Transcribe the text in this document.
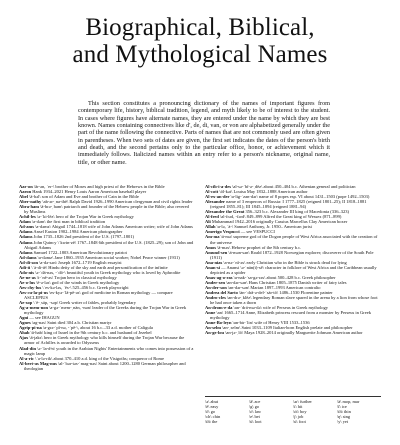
Biographical, Biblical,
and Mythological Names

This section constitutes a pronouncing dictionary of the names of important figures from contemporary life, history, biblical tradition, legend, and myth likely to be of interest to the student. In cases where figures have alternate names, they are entered under the name by which they are best known. Names containing connectives like d', de, di, van, or von are alphabetized generally under the part of the name following the connective. Parts of names that are not commonly used are often given in parentheses. When two sets of dates are given, the first set indicates the dates of the person's birth and death, and the second pertains only to the particular office, honor, or achievement which it immediately follows. Italicized names within an entry refer to a person's nickname, original name, title, or other name.

Aar·on \âr-ən, ˈer-\ brother of Moses and high priest of the Hebrews in the Bible

Aaron Hank 1934–2021 Henry Louis Aaron American baseball player

Abel \ā-bəl\ son of Adam and Eve and brother of Cain in the Bible

Aber·nathy \ab-ər-ˌna-thē\ Ralph David 1926–1990 American clergyman and civil rights leader

Abra·ham \ā-brə-ˌham\ patriarch and founder of the Hebrew people in the Bible; also revered by Muslims

Achil·les \ə-ˈki-lēz\ hero of the Trojan War in Greek mythology

Adam \a-dəm\ the first man in biblical tradition

Ad·ams \a-dəmz\ Abigail 1744–1818 wife of John Adams American writer; wife of John Adams

Adams Ansel Easton 1902–1984 American photographer

Adams John 1735–1826 2nd president of the U.S. (1797–1801)

Adams John Quincy \ˈkwin-zē\ 1767–1848 6th president of the U.S. (1825–29); son of John and Abigail Adams

Adams Samuel 1722–1803 American Revolutionary patriot

Ad·dams \a-dəmz\ Jane 1860–1935 American social worker; Nobel Peace winner (1931)

Ad·di·son \a-də-sən\ Joseph 1672–1719 English essayist

Adi·ti \ˈä-di-tē\ Hindu deity of the sky and earth and personification of the infinite

Ado·nis \ə-ˈdä-nəs, -ˈdō-\ beautiful youth in Greek mythology who is loved by Aphrodite

Ae·ne·as \i-ˈnē-əs\ Trojan hero in classical mythology

Ae·o·lus \ē-ə-ləs\ god of the winds in Greek mythology

Aes·chy·lus \ˈes-kə-ləs, ˈēs-\ 525–456 b.c. Greek playwright

Aes·cu·la·pi·us \es-kyə-ˈlā-pē-əs\ god of medicine in Roman mythology — compare ASCLEPIUS

Ae·sop \ˈē-ˌsäp, -səp\ Greek writer of fables, probably legendary

Ag·a·mem·non \a-gə-ˈmem-ˌnän, -nən\ leader of the Greeks during the Trojan War in Greek mythology

Agni — see IHAGUN

Agnes \ag-nəs\ Saint died 304 a.b. Christian martyr

Agrip·pi·na \a-grə-ˈpī-nə, -ˈpē-\, about 16 b.c.–33 a.d. mother of Caligula

Ahab \ā-hab\ king of Israel in the 9th century b.c. and husband of Jezebel

Ajax \ā-jaks\ hero in Greek mythology who kills himself during the Trojan War because the armor of Achilles is awarded to Odysseus

Alad·din \ə-ˈla-dᵊn\ youth in the Arabian Nights' Entertainments who comes into possession of a magic lamp

Al·a·ric \ˈa-lə-rik\ about 370–410 a.d. king of the Visigoths; conqueror of Rome

Al·bert·us Mag·nus \al-ˈbər-təs-ˈmag-nəs\ Saint about 1200–1280 German philosopher and theologian

Al·cib·i·a·des \al-sə-ˈbī-ə-ˌdēz\ about 450–404 b.c. Athenian general and politician

Al·cott \ōl-kət\ Louisa May 1832–1888 American author

Al·ex·an·der \a-lig-ˈzan-dər\ name of 8 popes esp. VI about 1431–1503 (pope 1492–1503)

Alexander name of 3 emperors of Russia: I 1777–1825 (reigned 1801–25); II 1818–1881 (reigned 1855–81); III 1845–1894 (reigned 1881–94)

Alexander the Great 356–323 b.c. Alexander III king of Macedonia (336–323)

Al·fred \al-frəd, -fərd\ 849–899 Alfred the Great king of Wessex (871–899)

Ali Muhammad 1942–2016 originally Cassius Marcellus Clay American boxer

Allah \a-lə, ˈä-\ Samuel Anthony, Jr. 1950– American jurist

Amerigo Vespucci — see VESPUCCI

Am·ma \ä-mə\ supreme god of the Dogon people of West Africa associated with the creation of the universe

Amos \ā-məs\ Hebrew prophet of the 8th century b.c.

Amund·sen \ä-mən-sən\ Roald 1872–1928 Norwegian explorer; discoverer of the South Pole (1911)

Ana·nias \a-nə-ˈnī-əs\ early Christian who in the Bible is struck dead for lying

Anan·si — Anansi \ə-ˈnän(t)-sē\ character in folklore of West Africa and the Caribbean usually depicted as a spider

Anax·ag·o·ras \a-nak-ˈsa-gə-rəs\ about 500–428 b.c. Greek philosopher

Ander·sen \an-dər-sən\ Hans Christian 1805–1875 Danish writer of fairy tales

An·der·son \an-dər-sən\ Marian 1897–1993 American contralto

Andrea del Sarto \än-ˈdrā-ə-del-ˈsär-tō\ 1486–1530 Florentine painter

Andro·cles \an-drə-ˌklēz\ legendary Roman slave spared in the arena by a lion from whose foot he had once taken a thorn

An·drom·e·da \an-ˈdrä-mə-də\ wife of Perseus in Greek mythology

Anne \an\ 1665–1714 Anne, Elizabeth princess rescued from a monster by Perseus in Greek mythology

Anne·Bo·leyn \an-bu̇-ˈlin\ wife of Henry VIII 1533–1536

An·selm \an-ˌselm\ Saint 1033–1109 Italian-born English prelate and philosopher

An·ge·lou \an-jə-ˌlō\ Maya 1928–2014 originally Marguerite Johnson American author

\ə\ abut	\ā\ ace	\ər\ further	\ä\ mop, mar
\ē\ easy	\g\ go	\i\ hit	\ī\ ice
\ō\ go	\ȯ\ law	\ȯi\ boy	\th\ thin
\ch\ chin	\e\ bet	\j\ job	\ŋ\ sing
\th\ the	\ü\ loot	\u̇\ foot	\y\ yet
